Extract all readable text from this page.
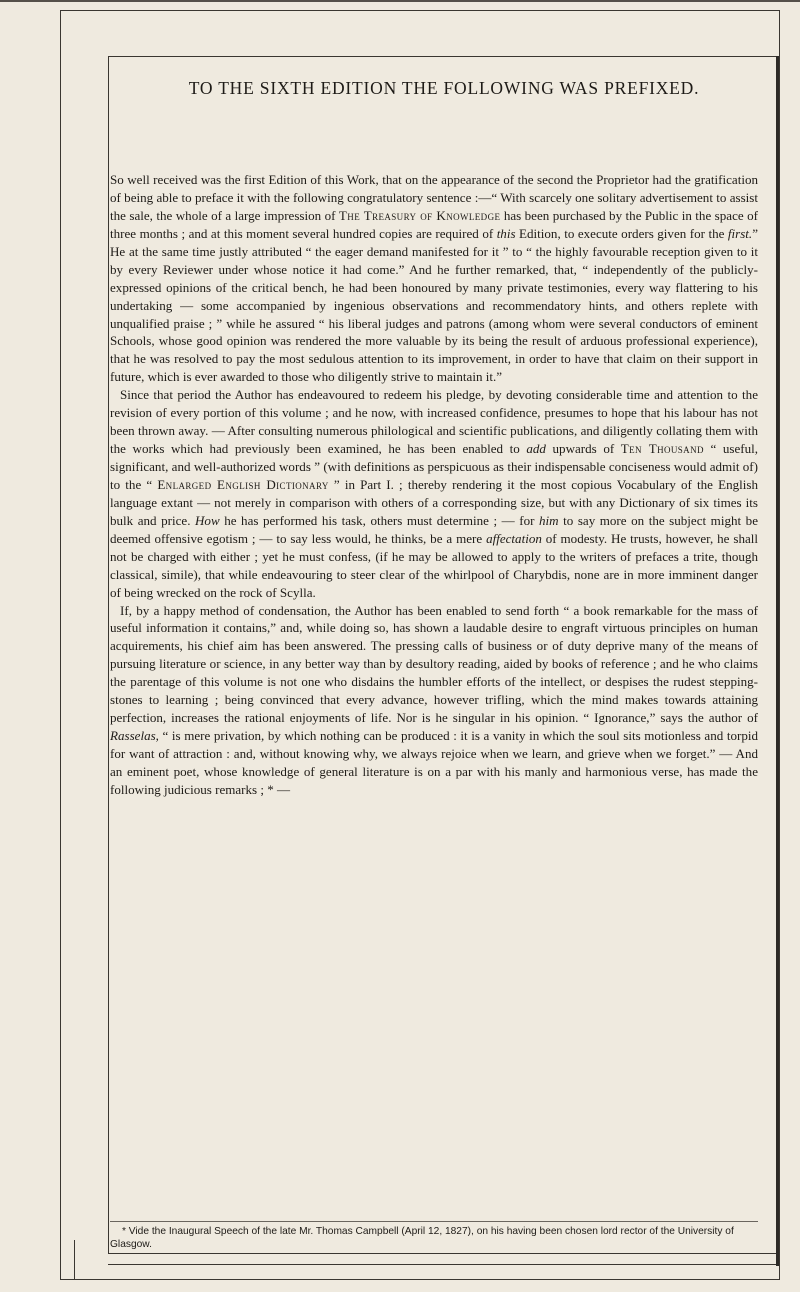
TO THE SIXTH EDITION THE FOLLOWING WAS PREFIXED.

So well received was the first Edition of this Work, that on the appearance of the second the Proprietor had the gratification of being able to preface it with the following congratulatory sentence :—“ With scarcely one solitary advertisement to assist the sale, the whole of a large impression of The Treasury of Knowledge has been purchased by the Public in the space of three months ; and at this moment several hundred copies are required of this Edition, to execute orders given for the first.” He at the same time justly attributed “ the eager demand manifested for it ” to “ the highly favourable reception given to it by every Reviewer under whose notice it had come.” And he further remarked, that, “ independently of the publicly-expressed opinions of the critical bench, he had been honoured by many private testimonies, every way flattering to his undertaking — some accompanied by ingenious observations and recommendatory hints, and others replete with unqualified praise ; ” while he assured “ his liberal judges and patrons (among whom were several conductors of eminent Schools, whose good opinion was rendered the more valuable by its being the result of arduous professional experience), that he was resolved to pay the most sedulous attention to its improvement, in order to have that claim on their support in future, which is ever awarded to those who diligently strive to maintain it.”

Since that period the Author has endeavoured to redeem his pledge, by devoting considerable time and attention to the revision of every portion of this volume ; and he now, with increased confidence, presumes to hope that his labour has not been thrown away. — After consulting numerous philological and scientific publications, and diligently collating them with the works which had previously been examined, he has been enabled to add upwards of Ten Thousand “ useful, significant, and well-authorized words ” (with definitions as perspicuous as their indispensable conciseness would admit of) to the “ Enlarged English Dictionary ” in Part I. ; thereby rendering it the most copious Vocabulary of the English language extant — not merely in comparison with others of a corresponding size, but with any Dictionary of six times its bulk and price. How he has performed his task, others must determine ; — for him to say more on the subject might be deemed offensive egotism ; — to say less would, he thinks, be a mere affectation of modesty. He trusts, however, he shall not be charged with either ; yet he must confess, (if he may be allowed to apply to the writers of prefaces a trite, though classical, simile), that while endeavouring to steer clear of the whirlpool of Charybdis, none are in more imminent danger of being wrecked on the rock of Scylla.

If, by a happy method of condensation, the Author has been enabled to send forth “ a book remarkable for the mass of useful information it contains,” and, while doing so, has shown a laudable desire to engraft virtuous principles on human acquirements, his chief aim has been answered. The pressing calls of business or of duty deprive many of the means of pursuing literature or science, in any better way than by desultory reading, aided by books of reference ; and he who claims the parentage of this volume is not one who disdains the humbler efforts of the intellect, or despises the rudest stepping-stones to learning ; being convinced that every advance, however trifling, which the mind makes towards attaining perfection, increases the rational enjoyments of life. Nor is he singular in his opinion. “ Ignorance,” says the author of Rasselas, “ is mere privation, by which nothing can be produced : it is a vanity in which the soul sits motionless and torpid for want of attraction : and, without knowing why, we always rejoice when we learn, and grieve when we forget.” — And an eminent poet, whose knowledge of general literature is on a par with his manly and harmonious verse, has made the following judicious remarks ; * —

* Vide the Inaugural Speech of the late Mr. Thomas Campbell (April 12, 1827), on his having been chosen lord rector of the University of Glasgow.
